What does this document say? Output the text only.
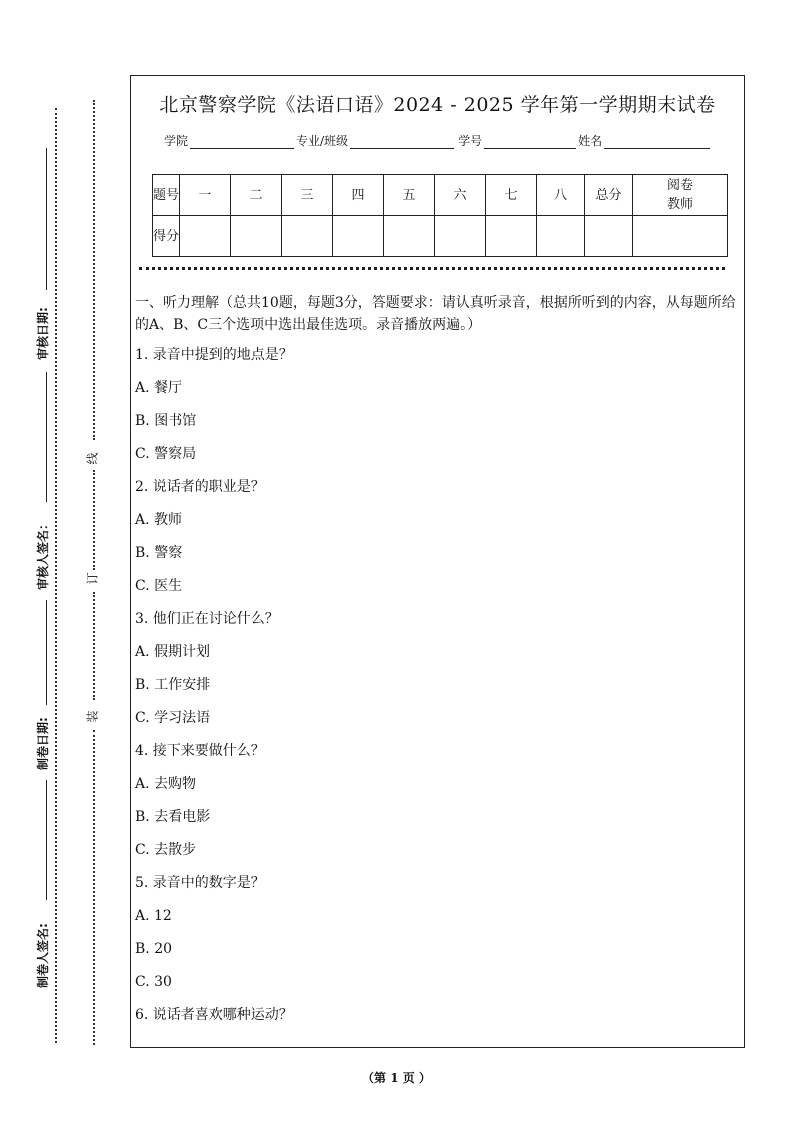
审核日期:
审核人签名：
制卷日期:
制卷人签名:
线
订
装
北京警察学院《法语口语》2024 - 2025 学年第一学期期末试卷
学院	专业/班级	学号	姓名
题号	一	二	三	四	五	六	七	八	总分	阅卷
教师

得分										

一、听力理解（总共10题，每题3分，答题要求：请认真听录音，根据所听到的内容，从每题所给的A、B、C三个选项中选出最佳选项。录音播放两遍。）

1. 录音中提到的地点是？
A. 餐厅
B. 图书馆
C. 警察局
2. 说话者的职业是？
A. 教师
B. 警察
C. 医生
3. 他们正在讨论什么？
A. 假期计划
B. 工作安排
C. 学习法语
4. 接下来要做什么？
A. 去购物
B. 去看电影
C. 去散步
5. 录音中的数字是？
A. 12
B. 20
C. 30
6. 说话者喜欢哪种运动？
（第 1 页 ）
